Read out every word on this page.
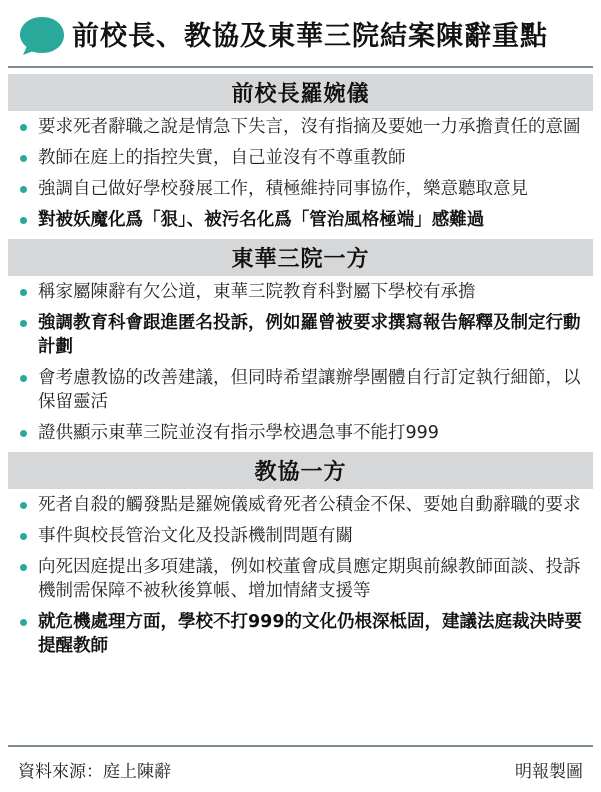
前校長、教協及東華三院結案陳辭重點
前校長羅婉儀
要求死者辭職之說是情急下失言，沒有指摘及要她一力承擔責任的意圖
教師在庭上的指控失實，自己並沒有不尊重教師
強調自己做好學校發展工作，積極維持同事協作，樂意聽取意見
對被妖魔化爲「狠」、被污名化爲「管治風格極端」感難過
東華三院一方
稱家屬陳辭有欠公道，東華三院教育科對屬下學校有承擔
強調教育科會跟進匿名投訴，例如羅曾被要求撰寫報告解釋及制定行動計劃
會考慮教協的改善建議，但同時希望讓辦學團體自行訂定執行細節，以保留靈活
證供顯示東華三院並沒有指示學校遇急事不能打999
教協一方
死者自殺的觸發點是羅婉儀威脅死者公積金不保、要她自動辭職的要求
事件與校長管治文化及投訴機制問題有關
向死因庭提出多項建議，例如校董會成員應定期與前線教師面談、投訴機制需保障不被秋後算帳、增加情緒支援等
就危機處理方面，學校不打999的文化仍根深柢固，建議法庭裁決時要提醒教師
資料來源：庭上陳辭	明報製圖
